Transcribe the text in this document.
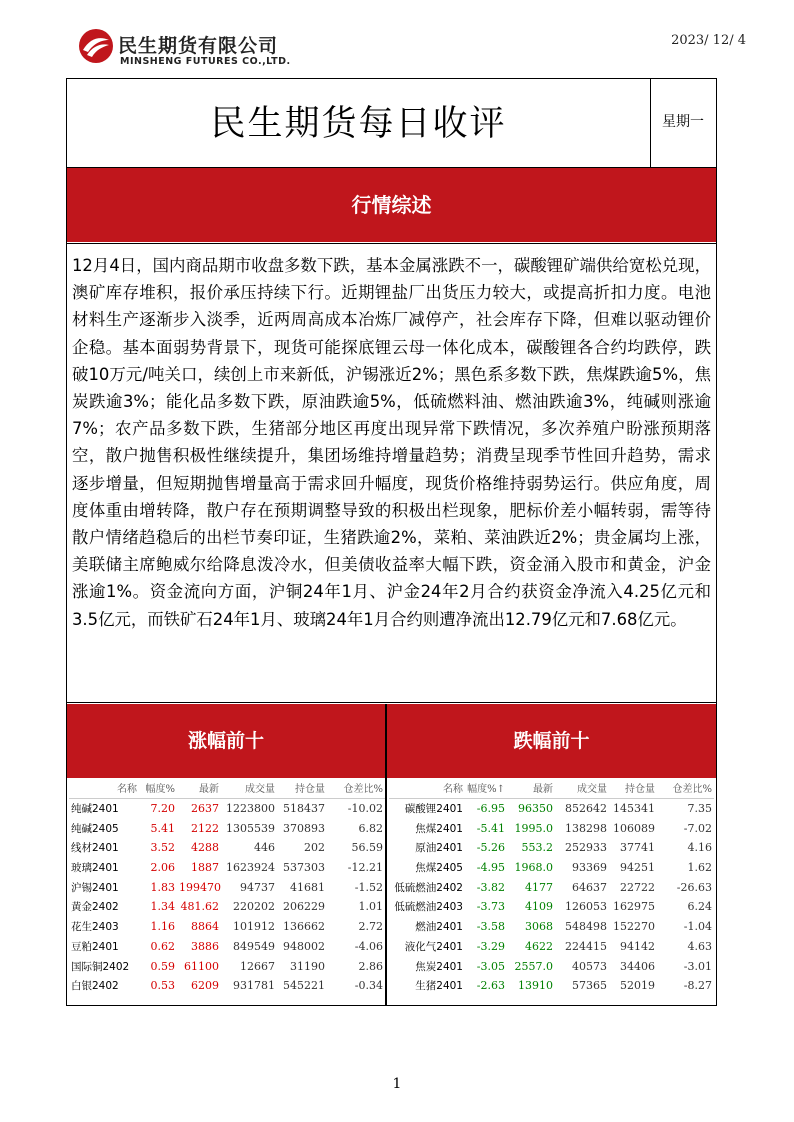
民生期货有限公司
MINSHENG FUTURES CO.,LTD.
2023/ 12/ 4
民生期货每日收评	星期一
行情综述
12月4日，国内商品期市收盘多数下跌，基本金属涨跌不一，碳酸锂矿端供给宽松兑现，澳矿库存堆积，报价承压持续下行。近期锂盐厂出货压力较大，或提高折扣力度。电池材料生产逐渐步入淡季，近两周高成本冶炼厂减停产，社会库存下降，但难以驱动锂价企稳。基本面弱势背景下，现货可能探底锂云母一体化成本，碳酸锂各合约均跌停，跌破10万元/吨关口，续创上市来新低，沪锡涨近2%；黑色系多数下跌，焦煤跌逾5%，焦炭跌逾3%；能化品多数下跌，原油跌逾5%，低硫燃料油、燃油跌逾3%，纯碱则涨逾7%；农产品多数下跌，生猪部分地区再度出现异常下跌情况，多次养殖户盼涨预期落空，散户抛售积极性继续提升，集团场维持增量趋势；消费呈现季节性回升趋势，需求逐步增量，但短期抛售增量高于需求回升幅度，现货价格维持弱势运行。供应角度，周度体重由增转降，散户存在预期调整导致的积极出栏现象，肥标价差小幅转弱，需等待散户情绪趋稳后的出栏节奏印证，生猪跌逾2%，菜粕、菜油跌近2%；贵金属均上涨，美联储主席鲍威尔给降息泼冷水，但美债收益率大幅下跌，资金涌入股市和黄金，沪金涨逾1%。资金流向方面，沪铜24年1月、沪金24年2月合约获资金净流入4.25亿元和3.5亿元，而铁矿石24年1月、玻璃24年1月合约则遭净流出12.79亿元和7.68亿元。
涨幅前十	跌幅前十
名称	幅度%	最新	成交量	持仓量	仓差比%
纯碱2401	7.20	2637	1223800	518437	-10.02
纯碱2405	5.41	2122	1305539	370893	6.82
线材2401	3.52	4288	446	202	56.59
玻璃2401	2.06	1887	1623924	537303	-12.21
沪锡2401	1.83	199470	94737	41681	-1.52
黄金2402	1.34	481.62	220202	206229	1.01
花生2403	1.16	8864	101912	136662	2.72
豆粕2401	0.62	3886	849549	948002	-4.06
国际铜2402	0.59	61100	12667	31190	2.86
白银2402	0.53	6209	931781	545221	-0.34
名称	幅度%↑	最新	成交量	持仓量	仓差比%
碳酸锂2401	-6.95	96350	852642	145341	7.35
焦煤2401	-5.41	1995.0	138298	106089	-7.02
原油2401	-5.26	553.2	252933	37741	4.16
焦煤2405	-4.95	1968.0	93369	94251	1.62
低硫燃油2402	-3.82	4177	64637	22722	-26.63
低硫燃油2403	-3.73	4109	126053	162975	6.24
燃油2401	-3.58	3068	548498	152270	-1.04
液化气2401	-3.29	4622	224415	94142	4.63
焦炭2401	-3.05	2557.0	40573	34406	-3.01
生猪2401	-2.63	13910	57365	52019	-8.27
1
